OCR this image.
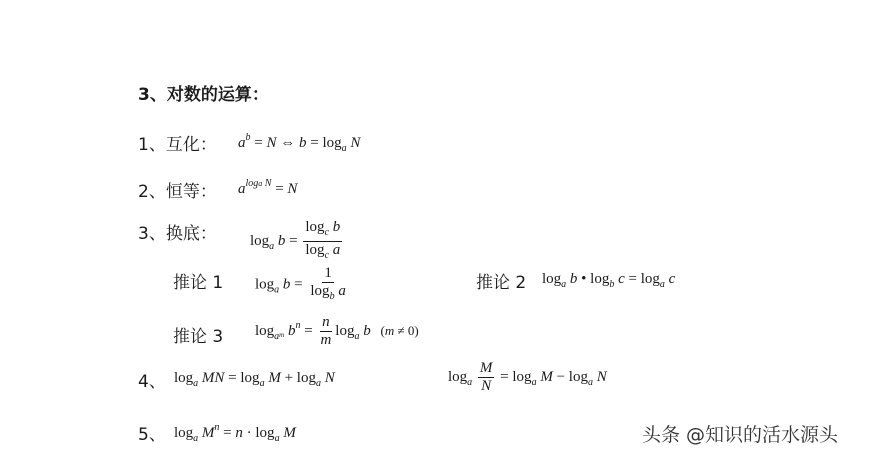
3、对数的运算：
1、互化： $a^b = N$ ⇔ $b = \log_a N$
2、恒等： $a^{loga N} = N$
3、换底： $\log_a b = \frac{\log_c b}{\log_c a}$
推论 1 $\log_a b = \frac{1}{\log_b a}$	推论 2 $\log_a b$ • $\log_b c = \log_a c$
推论 3 $\log_{a^m} b^n = \frac{n}{m} \log_a b$ (m ≠ 0)
4、 $\log_a$ MN = $\log_a M + \log_a N$	$\log_a \frac{M}{N} = \log_a M - \log_a N$
5、 $\log_a M^n = n \cdot \log_a M$	头条 @知识的活水源头
